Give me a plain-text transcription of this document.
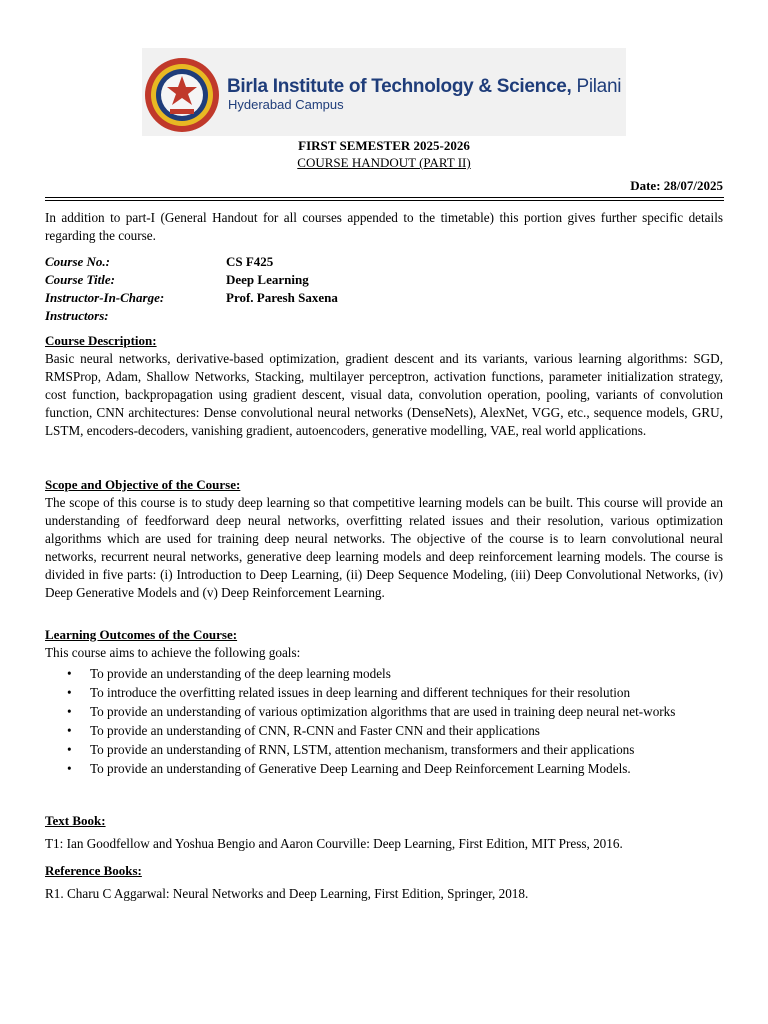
Birla Institute of Technology & Science, Pilani
Hyderabad Campus
FIRST SEMESTER 2025-2026
COURSE HANDOUT (PART II)
Date: 28/07/2025
In addition to part-I (General Handout for all courses appended to the timetable) this portion gives further specific details regarding the course.
Course No.:	CS F425
Course Title:	Deep Learning
Instructor-In-Charge:	Prof. Paresh Saxena
Instructors:
Course Description:
Basic neural networks, derivative-based optimization, gradient descent and its variants, various learning algorithms: SGD, RMSProp, Adam, Shallow Networks, Stacking, multilayer perceptron, activation functions, parameter initialization strategy, cost function, backpropagation using gradient descent, visual data, convolution operation, pooling, variants of convolution function, CNN architectures: Dense convolutional neural networks (DenseNets), AlexNet, VGG, etc., sequence models, GRU, LSTM, encoders-decoders, vanishing gradient, autoencoders, generative modelling, VAE, real world applications.
Scope and Objective of the Course:
The scope of this course is to study deep learning so that competitive learning models can be built. This course will provide an understanding of feedforward deep neural networks, overfitting related issues and their resolution, various optimization algorithms which are used for training deep neural networks. The objective of the course is to learn convolutional neural networks, recurrent neural networks, generative deep learning models and deep reinforcement learning models. The course is divided in five parts: (i) Introduction to Deep Learning, (ii) Deep Sequence Modeling, (iii) Deep Convolutional Networks, (iv) Deep Generative Models and (v) Deep Reinforcement Learning.
Learning Outcomes of the Course:
This course aims to achieve the following goals:
• To provide an understanding of the deep learning models
• To introduce the overfitting related issues in deep learning and different techniques for their resolution
• To provide an understanding of various optimization algorithms that are used in training deep neural net-works
• To provide an understanding of CNN, R-CNN and Faster CNN and their applications
• To provide an understanding of RNN, LSTM, attention mechanism, transformers and their applications
• To provide an understanding of Generative Deep Learning and Deep Reinforcement Learning Models.
Text Book:
T1: Ian Goodfellow and Yoshua Bengio and Aaron Courville: Deep Learning, First Edition, MIT Press, 2016.
Reference Books:
R1. Charu C Aggarwal: Neural Networks and Deep Learning, First Edition, Springer, 2018.
